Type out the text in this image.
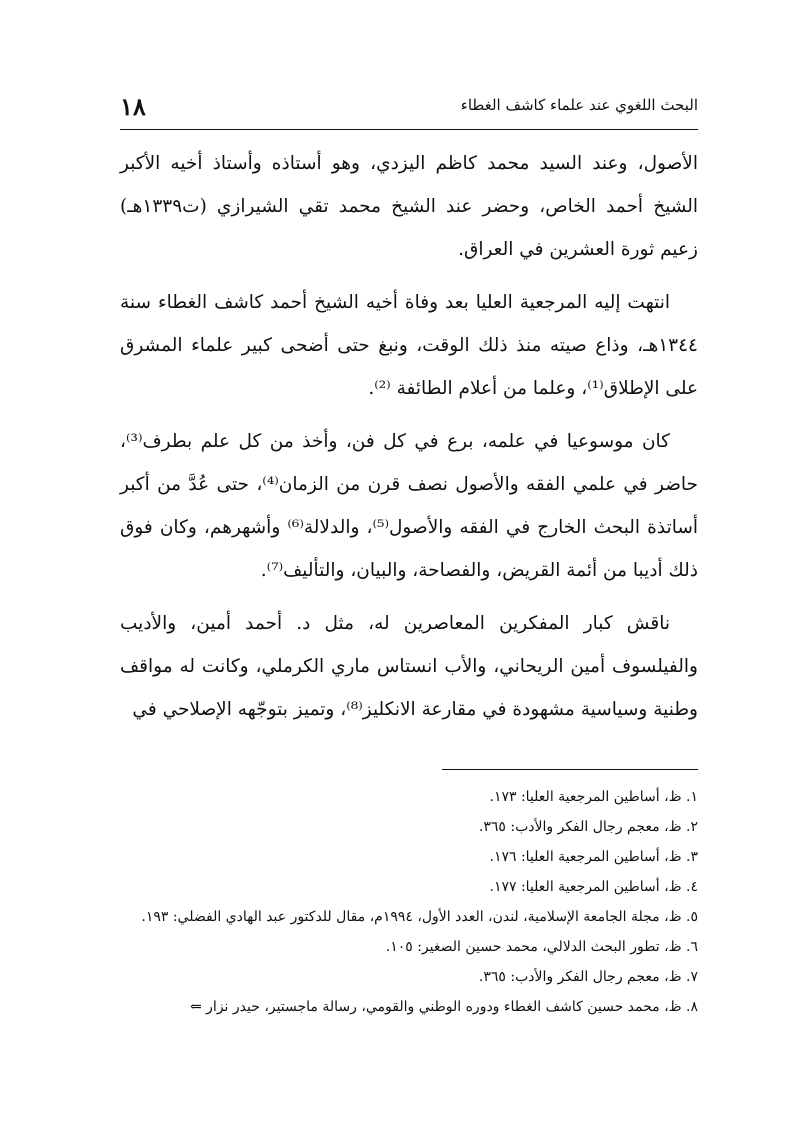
البحث اللغوي عند علماء كاشف الغطاء
١٨

الأصول، وعند السيد محمد كاظم اليزدي، وهو أستاذه وأستاذ أخيه الأكبر الشيخ أحمد الخاص، وحضر عند الشيخ محمد تقي الشيرازي (ت١٣٣٩هـ) زعيم ثورة العشرين في العراق.

انتهت إليه المرجعية العليا بعد وفاة أخيه الشيخ أحمد كاشف الغطاء سنة ١٣٤٤هـ، وذاع صيته منذ ذلك الوقت، ونبغ حتى أضحى كبير علماء المشرق على الإطلاق⁽¹⁾، وعلما من أعلام الطائفة ⁽²⁾.

كان موسوعيا في علمه، برع في كل فن، وأخذ من كل علم بطرف⁽³⁾، حاضر في علمي الفقه والأصول نصف قرن من الزمان⁽⁴⁾، حتى عُدَّ من أكبر أساتذة البحث الخارج في الفقه والأصول⁽⁵⁾، والدلالة⁽⁶⁾ وأشهرهم، وكان فوق ذلك أديبا من أئمة القريض، والفصاحة، والبيان، والتأليف⁽⁷⁾.

ناقش كبار المفكرين المعاصرين له، مثل د. أحمد أمين، والأديب والفيلسوف أمين الريحاني، والأب انستاس ماري الكرملي، وكانت له مواقف وطنية وسياسية مشهودة في مقارعة الانكليز⁽⁸⁾، وتميز بتوجّهه الإصلاحي في

١. ظ، أساطين المرجعية العليا: ١٧٣.

٢. ظ، معجم رجال الفكر والأدب: ٣٦٥.

٣. ظ، أساطين المرجعية العليا: ١٧٦.

٤. ظ، أساطين المرجعية العليا: ١٧٧.

٥. ظ، مجلة الجامعة الإسلامية، لندن، العدد الأول، ١٩٩٤م، مقال للدكتور عبد الهادي الفضلي: ١٩٣.

٦. ظ، تطور البحث الدلالي، محمد حسين الصغير: ١٠٥.

٧. ظ، معجم رجال الفكر والأدب: ٣٦٥.

٨. ظ، محمد حسين كاشف الغطاء ودوره الوطني والقومي، رسالة ماجستير، حيدر نزار ⇐
